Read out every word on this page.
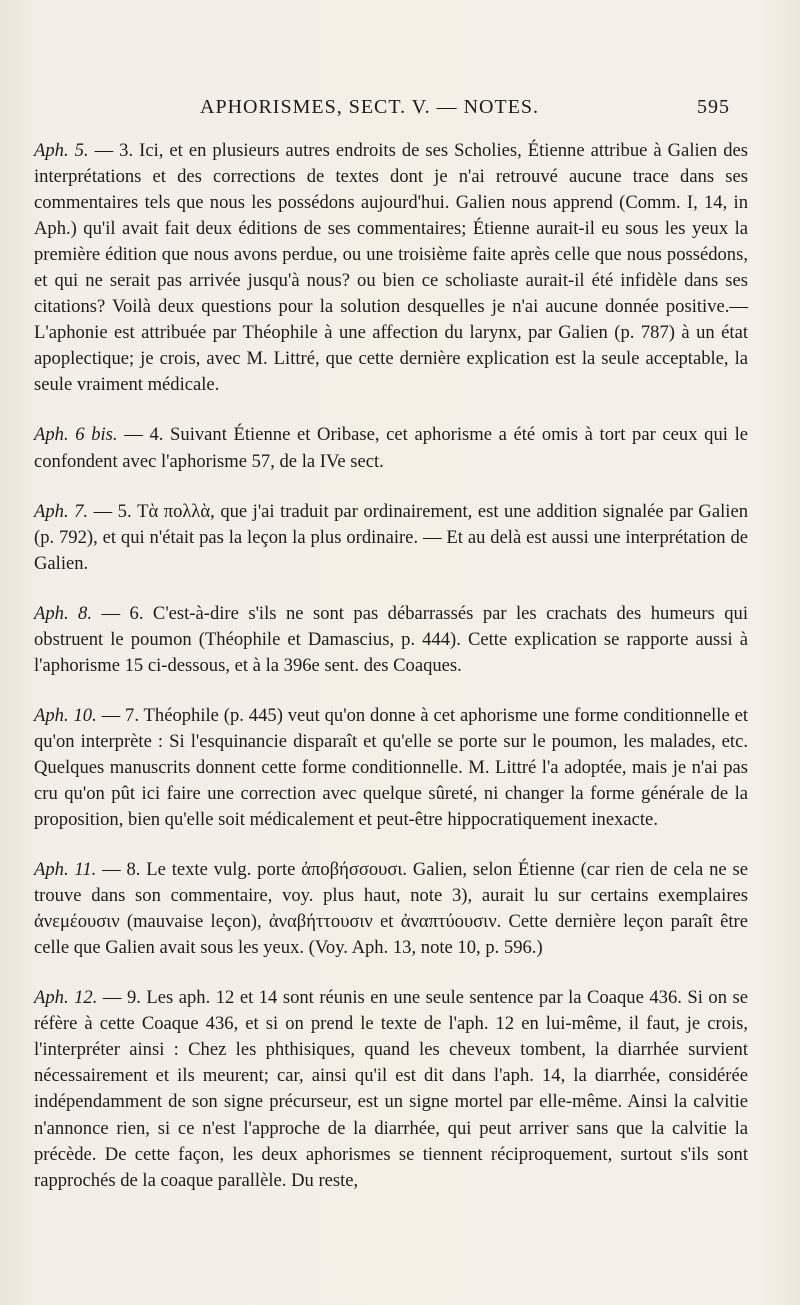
APHORISMES, SECT. V. — NOTES.	595

Aph. 5. — 3. Ici, et en plusieurs autres endroits de ses Scholies, Étienne attribue à Galien des interprétations et des corrections de textes dont je n'ai retrouvé aucune trace dans ses commentaires tels que nous les possédons aujourd'hui. Galien nous apprend (Comm. I, 14, in Aph.) qu'il avait fait deux éditions de ses commentaires; Étienne aurait-il eu sous les yeux la première édition que nous avons perdue, ou une troisième faite après celle que nous possédons, et qui ne serait pas arrivée jusqu'à nous? ou bien ce scholiaste aurait-il été infidèle dans ses citations? Voilà deux questions pour la solution desquelles je n'ai aucune donnée positive.—L'aphonie est attribuée par Théophile à une affection du larynx, par Galien (p. 787) à un état apoplectique; je crois, avec M. Littré, que cette dernière explication est la seule acceptable, la seule vraiment médicale.

Aph. 6 bis. — 4. Suivant Étienne et Oribase, cet aphorisme a été omis à tort par ceux qui le confondent avec l'aphorisme 57, de la IVe sect.

Aph. 7. — 5. Τὰ πολλὰ, que j'ai traduit par ordinairement, est une addition signalée par Galien (p. 792), et qui n'était pas la leçon la plus ordinaire. — Et au delà est aussi une interprétation de Galien.

Aph. 8. — 6. C'est-à-dire s'ils ne sont pas débarrassés par les crachats des humeurs qui obstruent le poumon (Théophile et Damascius, p. 444). Cette explication se rapporte aussi à l'aphorisme 15 ci-dessous, et à la 396e sent. des Coaques.

Aph. 10. — 7. Théophile (p. 445) veut qu'on donne à cet aphorisme une forme conditionnelle et qu'on interprète : Si l'esquinancie disparaît et qu'elle se porte sur le poumon, les malades, etc. Quelques manuscrits donnent cette forme conditionnelle. M. Littré l'a adoptée, mais je n'ai pas cru qu'on pût ici faire une correction avec quelque sûreté, ni changer la forme générale de la proposition, bien qu'elle soit médicalement et peut-être hippocratiquement inexacte.

Aph. 11. — 8. Le texte vulg. porte ἀποβήσσουσι. Galien, selon Étienne (car rien de cela ne se trouve dans son commentaire, voy. plus haut, note 3), aurait lu sur certains exemplaires ἀνεμέουσιν (mauvaise leçon), ἀναβήττουσιν et ἀναπτύουσιν. Cette dernière leçon paraît être celle que Galien avait sous les yeux. (Voy. Aph. 13, note 10, p. 596.)

Aph. 12. — 9. Les aph. 12 et 14 sont réunis en une seule sentence par la Coaque 436. Si on se réfère à cette Coaque 436, et si on prend le texte de l'aph. 12 en lui-même, il faut, je crois, l'interpréter ainsi : Chez les phthisiques, quand les cheveux tombent, la diarrhée survient nécessairement et ils meurent; car, ainsi qu'il est dit dans l'aph. 14, la diarrhée, considérée indépendamment de son signe précurseur, est un signe mortel par elle-même. Ainsi la calvitie n'annonce rien, si ce n'est l'approche de la diarrhée, qui peut arriver sans que la calvitie la précède. De cette façon, les deux aphorismes se tiennent réciproquement, surtout s'ils sont rapprochés de la coaque parallèle. Du reste,
